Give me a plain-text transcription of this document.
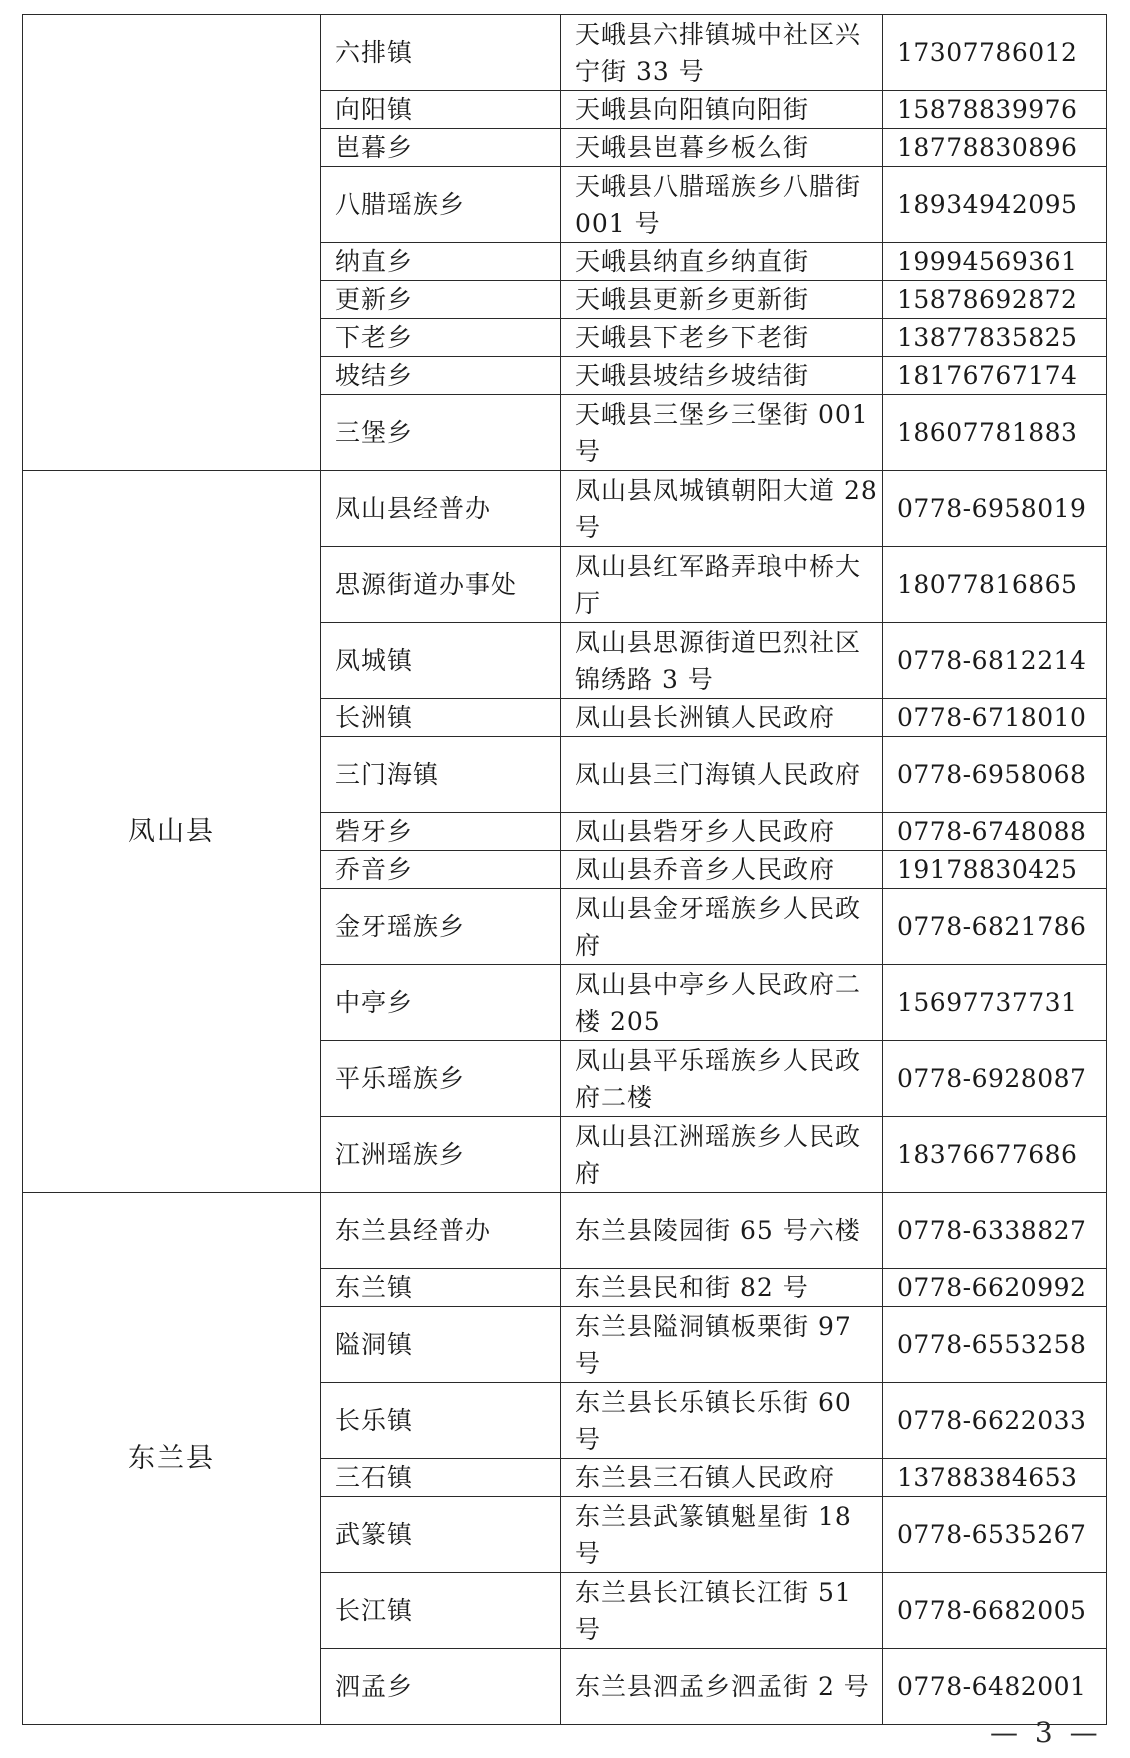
	六排镇	天峨县六排镇城中社区兴宁街 33 号	17307786012
	向阳镇	天峨县向阳镇向阳街	15878839976
	岜暮乡	天峨县岜暮乡板么街	18778830896
	八腊瑶族乡	天峨县八腊瑶族乡八腊街 001 号	18934942095
	纳直乡	天峨县纳直乡纳直街	19994569361
	更新乡	天峨县更新乡更新街	15878692872
	下老乡	天峨县下老乡下老街	13877835825
	坡结乡	天峨县坡结乡坡结街	18176767174
	三堡乡	天峨县三堡乡三堡街 001 号	18607781883
凤山县	凤山县经普办	凤山县凤城镇朝阳大道 28 号	0778-6958019
	思源街道办事处	凤山县红军路弄琅中桥大厅	18077816865
	凤城镇	凤山县思源街道巴烈社区锦绣路 3 号	0778-6812214
	长洲镇	凤山县长洲镇人民政府	0778-6718010
	三门海镇	凤山县三门海镇人民政府	0778-6958068
	砦牙乡	凤山县砦牙乡人民政府	0778-6748088
	乔音乡	凤山县乔音乡人民政府	19178830425
	金牙瑶族乡	凤山县金牙瑶族乡人民政府	0778-6821786
	中亭乡	凤山县中亭乡人民政府二楼 205	15697737731
	平乐瑶族乡	凤山县平乐瑶族乡人民政府二楼	0778-6928087
	江洲瑶族乡	凤山县江洲瑶族乡人民政府	18376677686
东兰县	东兰县经普办	东兰县陵园街 65 号六楼	0778-6338827
	东兰镇	东兰县民和街 82 号	0778-6620992
	隘洞镇	东兰县隘洞镇板栗街 97 号	0778-6553258
	长乐镇	东兰县长乐镇长乐街 60 号	0778-6622033
	三石镇	东兰县三石镇人民政府	13788384653
	武篆镇	东兰县武篆镇魁星街 18 号	0778-6535267
	长江镇	东兰县长江镇长江街 51 号	0778-6682005
	泗孟乡	东兰县泗孟乡泗孟街 2 号	0778-6482001
— 3 —
